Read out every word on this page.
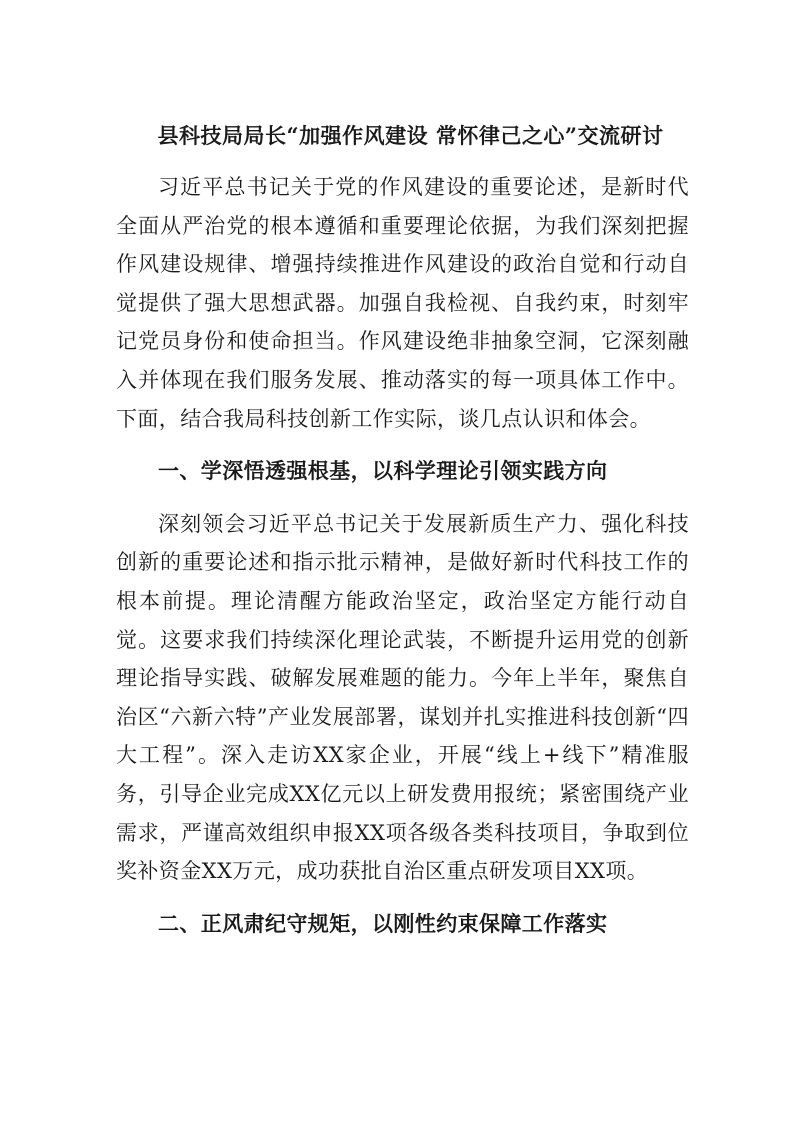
县科技局局长“加强作风建设 常怀律己之心”交流研讨

习近平总书记关于党的作风建设的重要论述，是新时代全面从严治党的根本遵循和重要理论依据，为我们深刻把握作风建设规律、增强持续推进作风建设的政治自觉和行动自觉提供了强大思想武器。加强自我检视、自我约束，时刻牢记党员身份和使命担当。作风建设绝非抽象空洞，它深刻融入并体现在我们服务发展、推动落实的每一项具体工作中。下面，结合我局科技创新工作实际，谈几点认识和体会。

一、学深悟透强根基，以科学理论引领实践方向

深刻领会习近平总书记关于发展新质生产力、强化科技创新的重要论述和指示批示精神，是做好新时代科技工作的根本前提。理论清醒方能政治坚定，政治坚定方能行动自觉。这要求我们持续深化理论武装，不断提升运用党的创新理论指导实践、破解发展难题的能力。今年上半年，聚焦自治区“六新六特”产业发展部署，谋划并扎实推进科技创新“四大工程”。深入走访XX家企业，开展“线上+线下”精准服务，引导企业完成XX亿元以上研发费用报统；紧密围绕产业需求，严谨高效组织申报XX项各级各类科技项目，争取到位奖补资金XX万元，成功获批自治区重点研发项目XX项。

二、正风肃纪守规矩，以刚性约束保障工作落实
